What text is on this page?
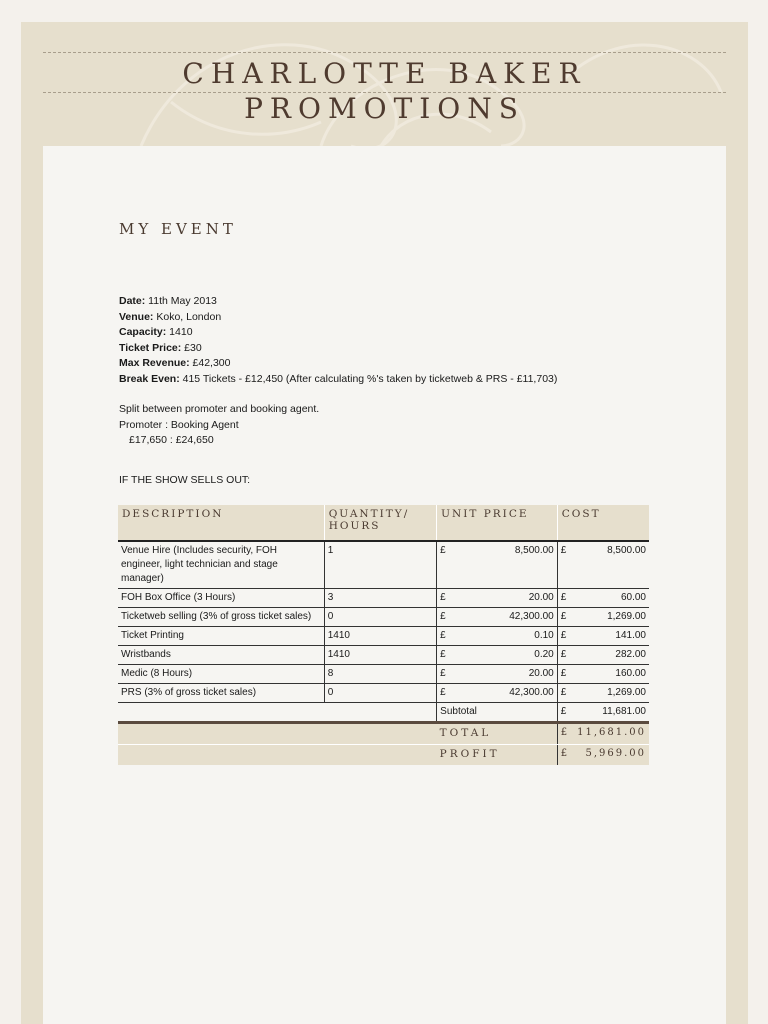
CHARLOTTE BAKER
PROMOTIONS
MY EVENT
Date: 11th May 2013
Venue: Koko, London
Capacity: 1410
Ticket Price: £30
Max Revenue: £42,300
Break Even: 415 Tickets - £12,450 (After calculating %'s taken by ticketweb & PRS - £11,703)
Split between promoter and booking agent.
Promoter : Booking Agent
£17,650 : £24,650
IF THE SHOW SELLS OUT:
DESCRIPTION	QUANTITY/ HOURS	UNIT PRICE	COST
Venue Hire (Includes security, FOH engineer, light technician and stage manager)	1	£ 8,500.00	£ 8,500.00

FOH Box Office (3 Hours)	3	£ 20.00	£ 60.00

Ticketweb selling (3% of gross ticket sales)	0	£ 42,300.00	£ 1,269.00

Ticket Printing	1410	£ 0.10	£ 141.00

Wristbands	1410	£ 0.20	£ 282.00

Medic (8 Hours)	8	£ 20.00	£ 160.00

PRS (3% of gross ticket sales)	0	£ 42,300.00	£ 1,269.00

		Subtotal	£ 11,681.00

		TOTAL	£ 11,681.00

		PROFIT	£ 5,969.00
